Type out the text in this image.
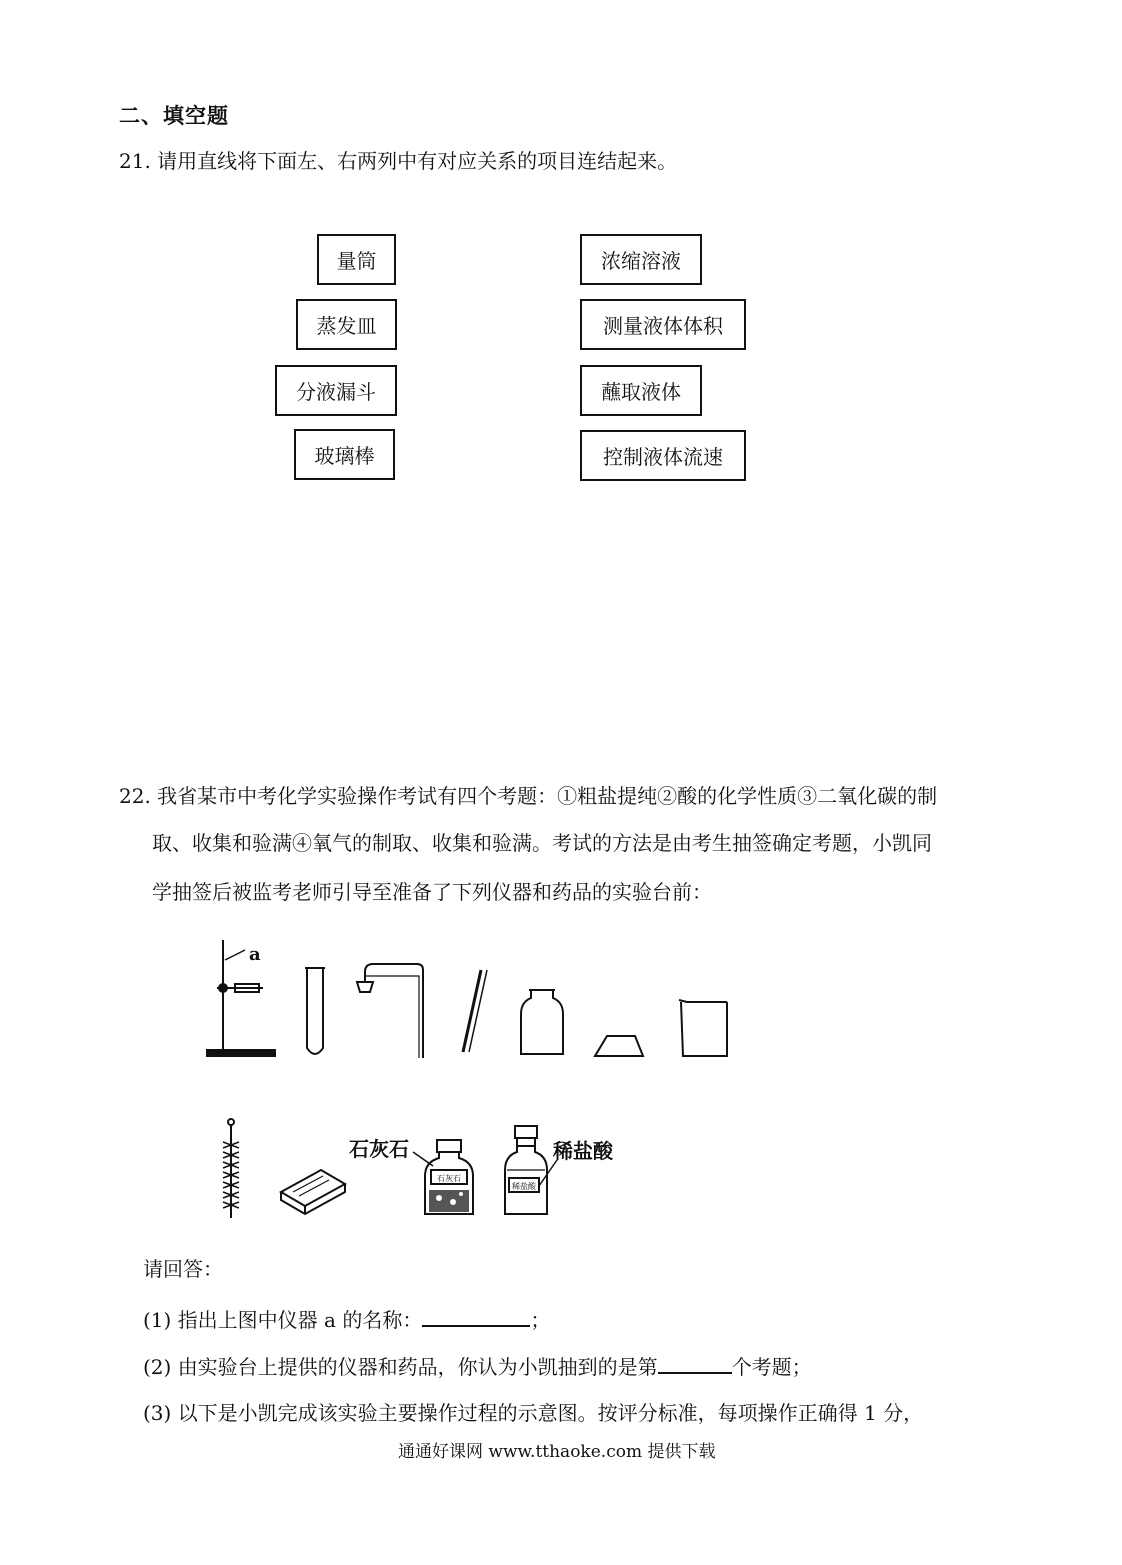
二、填空题
21. 请用直线将下面左、右两列中有对应关系的项目连结起来。
量筒
蒸发皿
分液漏斗
玻璃棒
浓缩溶液
测量液体体积
蘸取液体
控制液体流速
22. 我省某市中考化学实验操作考试有四个考题：①粗盐提纯②酸的化学性质③二氧化碳的制
取、收集和验满④氧气的制取、收集和验满。考试的方法是由考生抽签确定考题，小凯同
学抽签后被监考老师引导至准备了下列仪器和药品的实验台前：
a
石灰石	稀盐酸
石灰石
稀盐酸
请回答：
(1) 指出上图中仪器 a 的名称：	；
(2) 由实验台上提供的仪器和药品，你认为小凯抽到的是第	个考题；
(3) 以下是小凯完成该实验主要操作过程的示意图。按评分标准，每项操作正确得 1 分，
通通好课网 www.tthaoke.com 提供下载
